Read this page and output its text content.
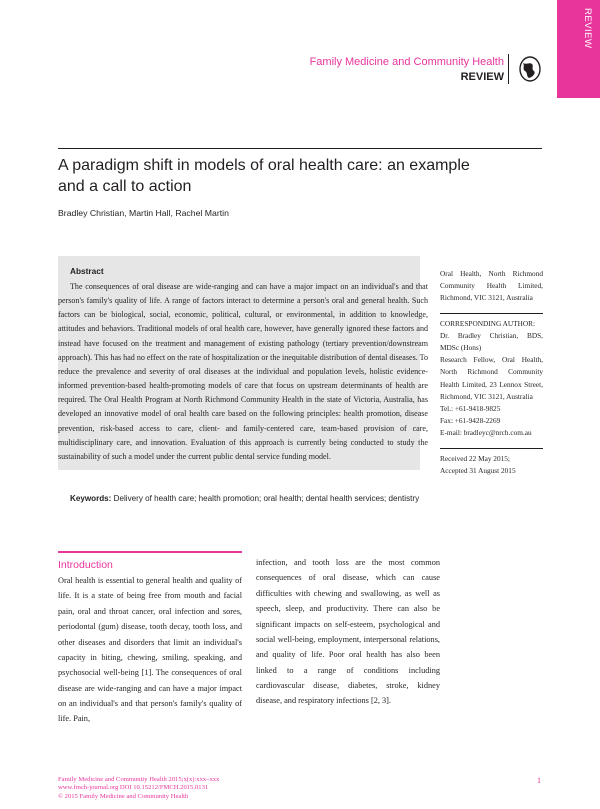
REVIEW
Family Medicine and Community Health
REVIEW
A paradigm shift in models of oral health care: an example and a call to action
Bradley Christian, Martin Hall, Rachel Martin
Abstract
The consequences of oral disease are wide-ranging and can have a major impact on an individual's and that person's family's quality of life. A range of factors interact to determine a person's oral and general health. Such factors can be biological, social, economic, political, cultural, or environmental, in addition to knowledge, attitudes and behaviors. Traditional models of oral health care, however, have generally ignored these factors and instead have focused on the treatment and management of existing pathology (tertiary prevention/downstream approach). This has had no effect on the rate of hospitalization or the inequitable distribution of dental diseases. To reduce the prevalence and severity of oral diseases at the individual and population levels, holistic evidence-informed prevention-based health-promoting models of care that focus on upstream determinants of health are required. The Oral Health Program at North Richmond Community Health in the state of Victoria, Australia, has developed an innovative model of oral health care based on the following principles: health promotion, disease prevention, risk-based access to care, client- and family-centered care, team-based provision of care, multidisciplinary care, and innovation. Evaluation of this approach is currently being conducted to study the sustainability of such a model under the current public dental service funding model.
Keywords: Delivery of health care; health promotion; oral health; dental health services; dentistry

Oral Health, North Richmond Community Health Limited, Richmond, VIC 3121, Australia

CORRESPONDING AUTHOR:

Dr. Bradley Christian, BDS, MDSc (Hons)

Research Fellow, Oral Health, North Richmond Community Health Limited, 23 Lennox Street, Richmond, VIC 3121, Australia

Tel.: +61-9418-9825

Fax: +61-9428-2269

E-mail: bradleyc@nrch.com.au

Received 22 May 2015;

Accepted 31 August 2015

Introduction
Oral health is essential to general health and quality of life. It is a state of being free from mouth and facial pain, oral and throat cancer, oral infection and sores, periodontal (gum) disease, tooth decay, tooth loss, and other diseases and disorders that limit an individual's capacity in biting, chewing, smiling, speaking, and psychosocial well-being [1]. The consequences of oral disease are wide-ranging and can have a major impact on an individual's and that person's family's quality of life. Pain,
infection, and tooth loss are the most common consequences of oral disease, which can cause difficulties with chewing and swallowing, as well as speech, sleep, and productivity. There can also be significant impacts on self-esteem, psychological and social well-being, employment, interpersonal relations, and quality of life. Poor oral health has also been linked to a range of conditions including cardiovascular disease, diabetes, stroke, kidney disease, and respiratory infections [2, 3].

Family Medicine and Community Health 2015;x(x):xxx–xxx

www.fmch-journal.org DOI 10.15212/FMCH.2015.0131

© 2015 Family Medicine and Community Health

1
